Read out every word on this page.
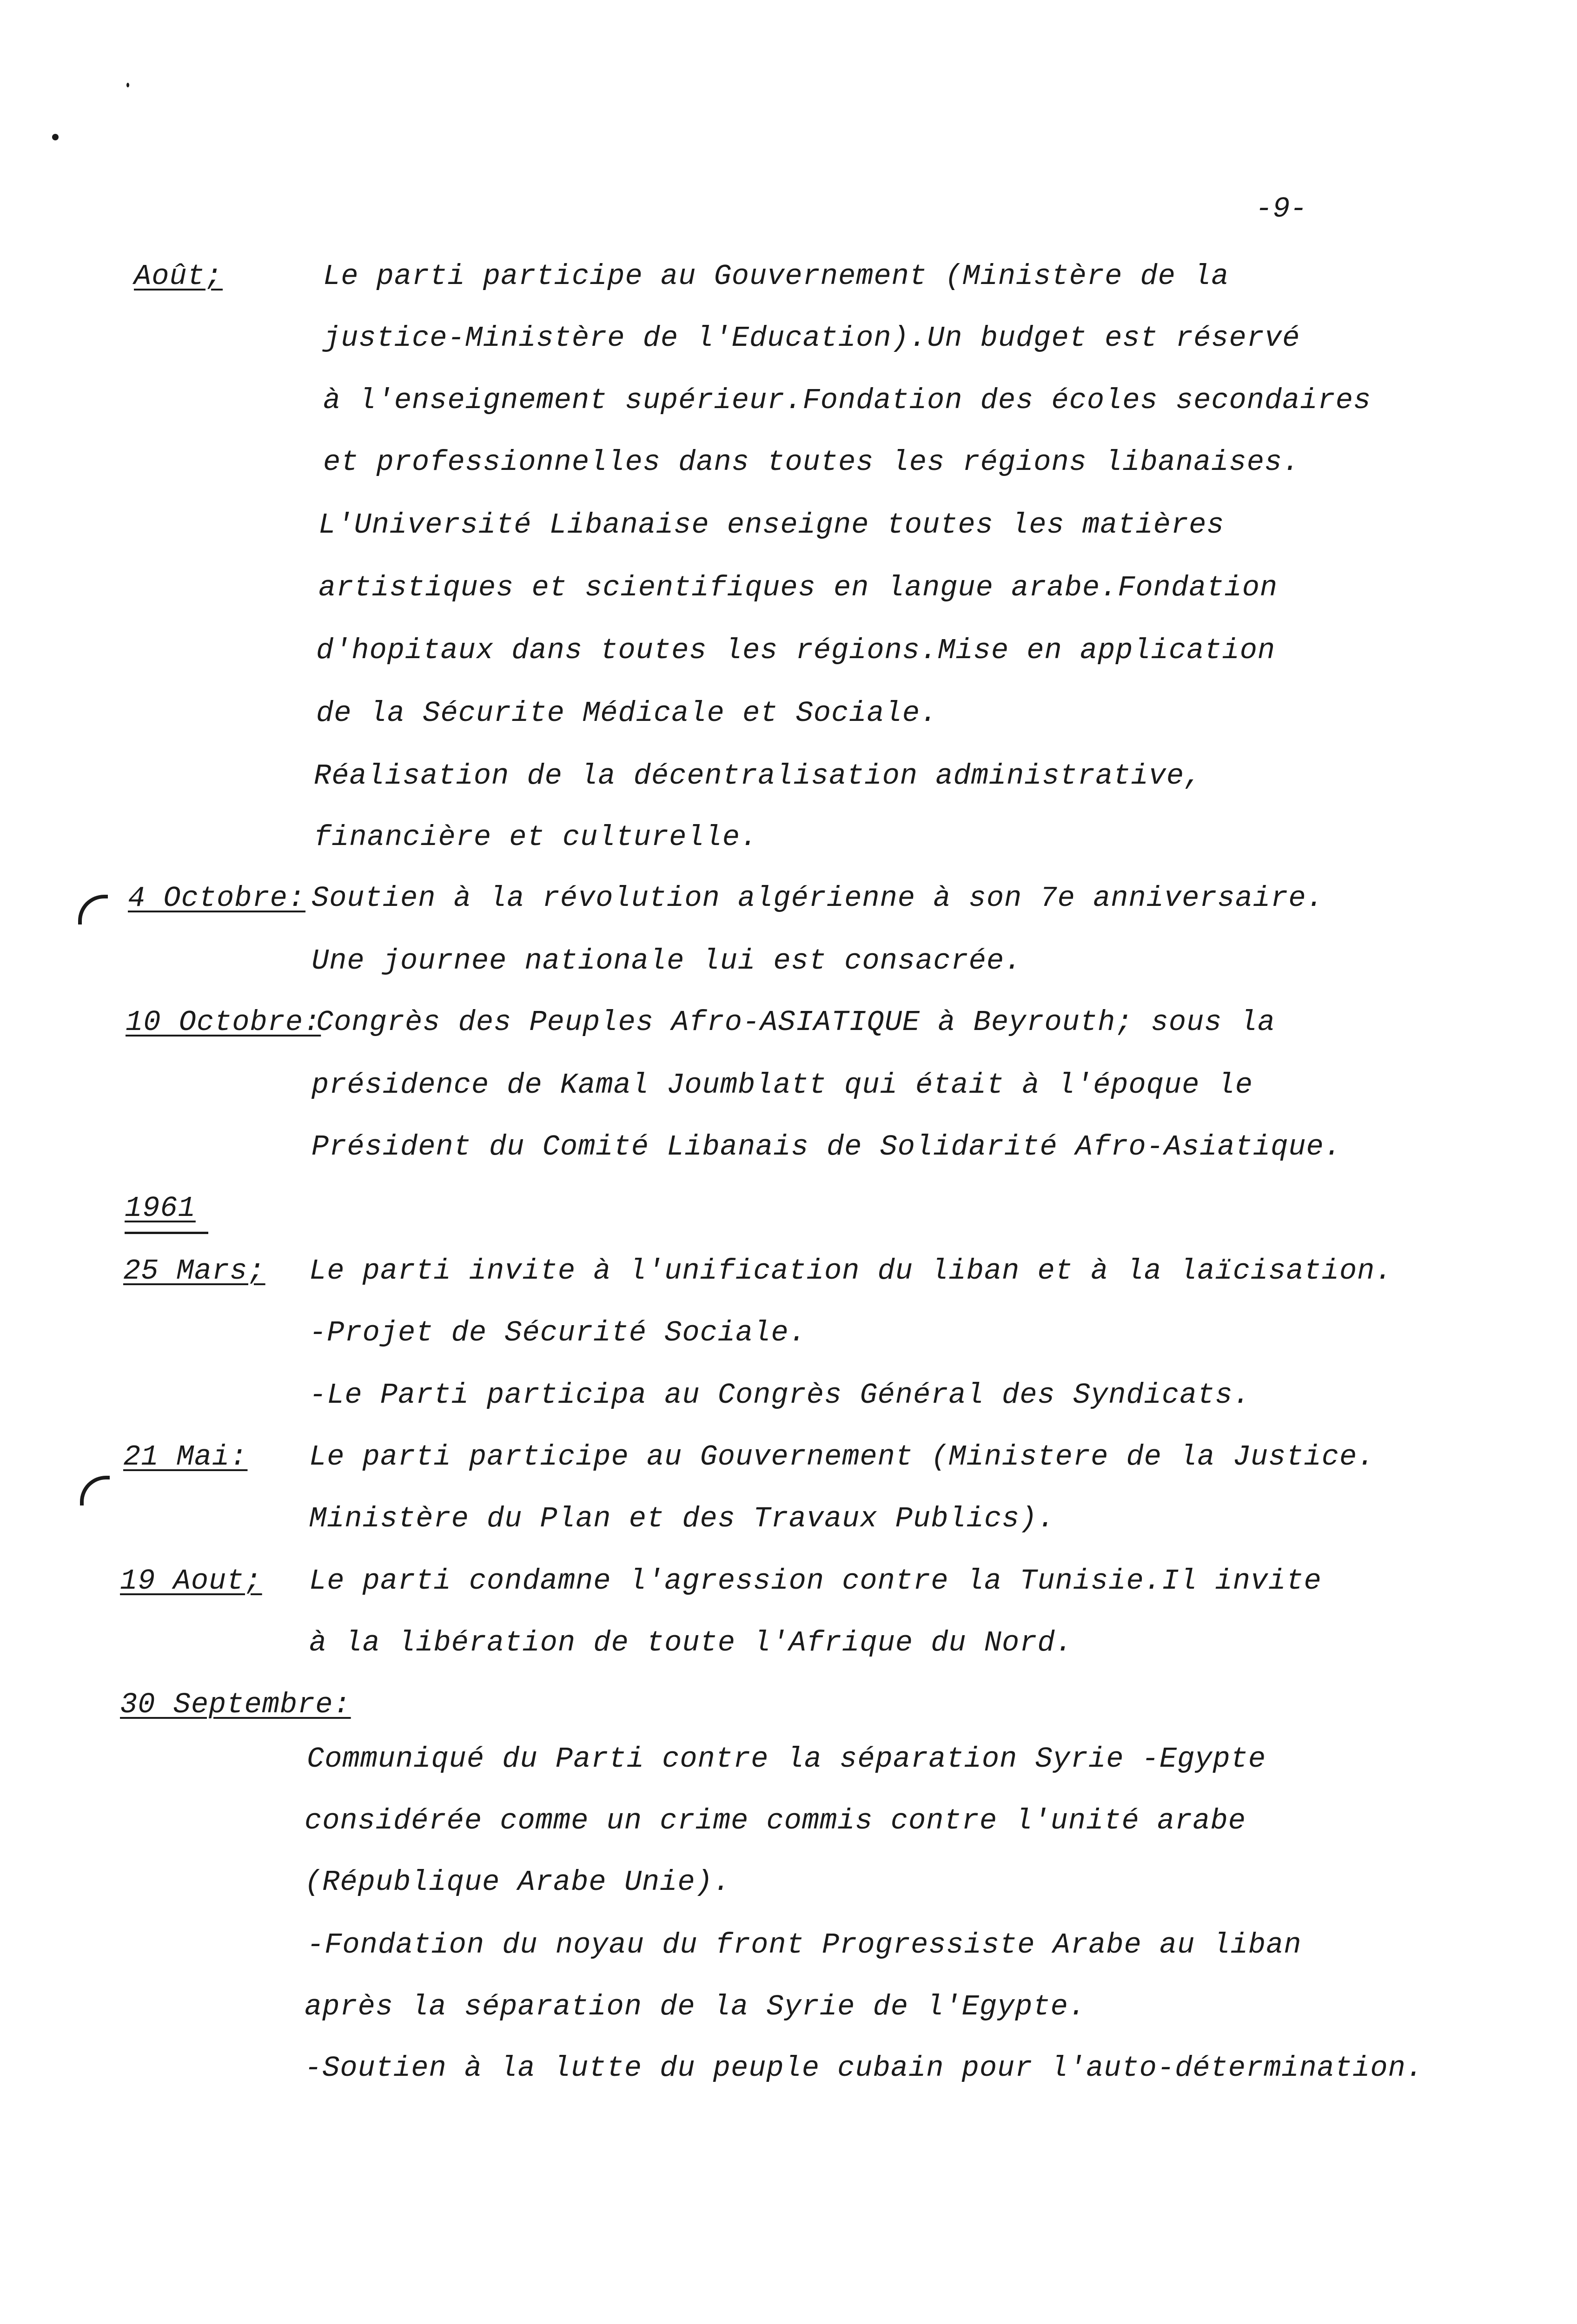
-9-
Août;	Le parti participe au Gouvernement (Ministère de la
justice-Ministère de l'Education).Un budget est réservé
à l'enseignement supérieur.Fondation des écoles secondaires
et professionnelles dans toutes les régions libanaises.
L'Université Libanaise enseigne toutes les matières
artistiques et scientifiques en langue arabe.Fondation
d'hopitaux dans toutes les régions.Mise en application
de la Sécurite Médicale et Sociale.
Réalisation de la décentralisation administrative,
financière et culturelle.
4 Octobre: Soutien à la révolution algérienne à son 7e anniversaire.
Une journee nationale lui est consacrée.
10 Octobre:
Congrès des Peuples Afro-ASIATIQUE à Beyrouth; sous la
présidence de Kamal Joumblatt qui était à l'époque le
Président du Comité Libanais de Solidarité Afro-Asiatique.
1961
25 Mars; Le parti invite à l'unification du liban et à la laïcisation.
-Projet de Sécurité Sociale.
-Le Parti participa au Congrès Général des Syndicats.
21 Mai: Le parti participe au Gouvernement (Ministere de la Justice.
Ministère du Plan et des Travaux Publics).
19 Aout; Le parti condamne l'agression contre la Tunisie.Il invite
à la libération de toute l'Afrique du Nord.
30 Septembre:
Communiqué du Parti contre la séparation Syrie -Egypte
considérée comme un crime commis contre l'unité arabe
(République Arabe Unie).
-Fondation du noyau du front Progressiste Arabe au liban
après la séparation de la Syrie de l'Egypte.
-Soutien à la lutte du peuple cubain pour l'auto-détermination.
